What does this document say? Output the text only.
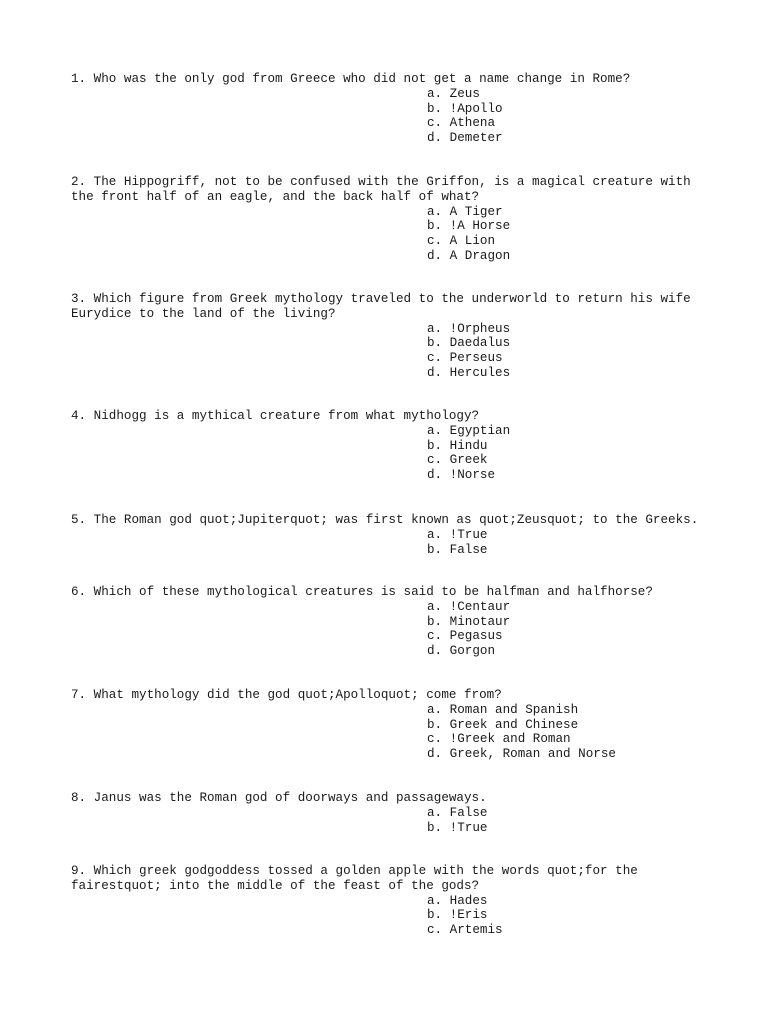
1. Who was the only god from Greece who did not get a name change in Rome?

a. Zeus
b. !Apollo
c. Athena
d. Demeter

2. The Hippogriff, not to be confused with the Griffon, is a magical creature with the front half of an eagle, and the back half of what?

a. A Tiger
b. !A Horse
c. A Lion
d. A Dragon

3. Which figure from Greek mythology traveled to the underworld to return his wife Eurydice to the land of the living?

a. !Orpheus
b. Daedalus
c. Perseus
d. Hercules

4. Nidhogg is a mythical creature from what mythology?

a. Egyptian
b. Hindu
c. Greek
d. !Norse

5. The Roman god quot;Jupiterquot; was first known as quot;Zeusquot; to the Greeks.

a. !True
b. False

6. Which of these mythological creatures is said to be halfman and halfhorse?

a. !Centaur
b. Minotaur
c. Pegasus
d. Gorgon

7. What mythology did the god quot;Apolloquot; come from?

a. Roman and Spanish
b. Greek and Chinese
c. !Greek and Roman
d. Greek, Roman and Norse

8. Janus was the Roman god of doorways and passageways.

a. False
b. !True

9. Which greek godgoddess tossed a golden apple with the words quot;for the fairestquot; into the middle of the feast of the gods?

a. Hades
b. !Eris
c. Artemis
